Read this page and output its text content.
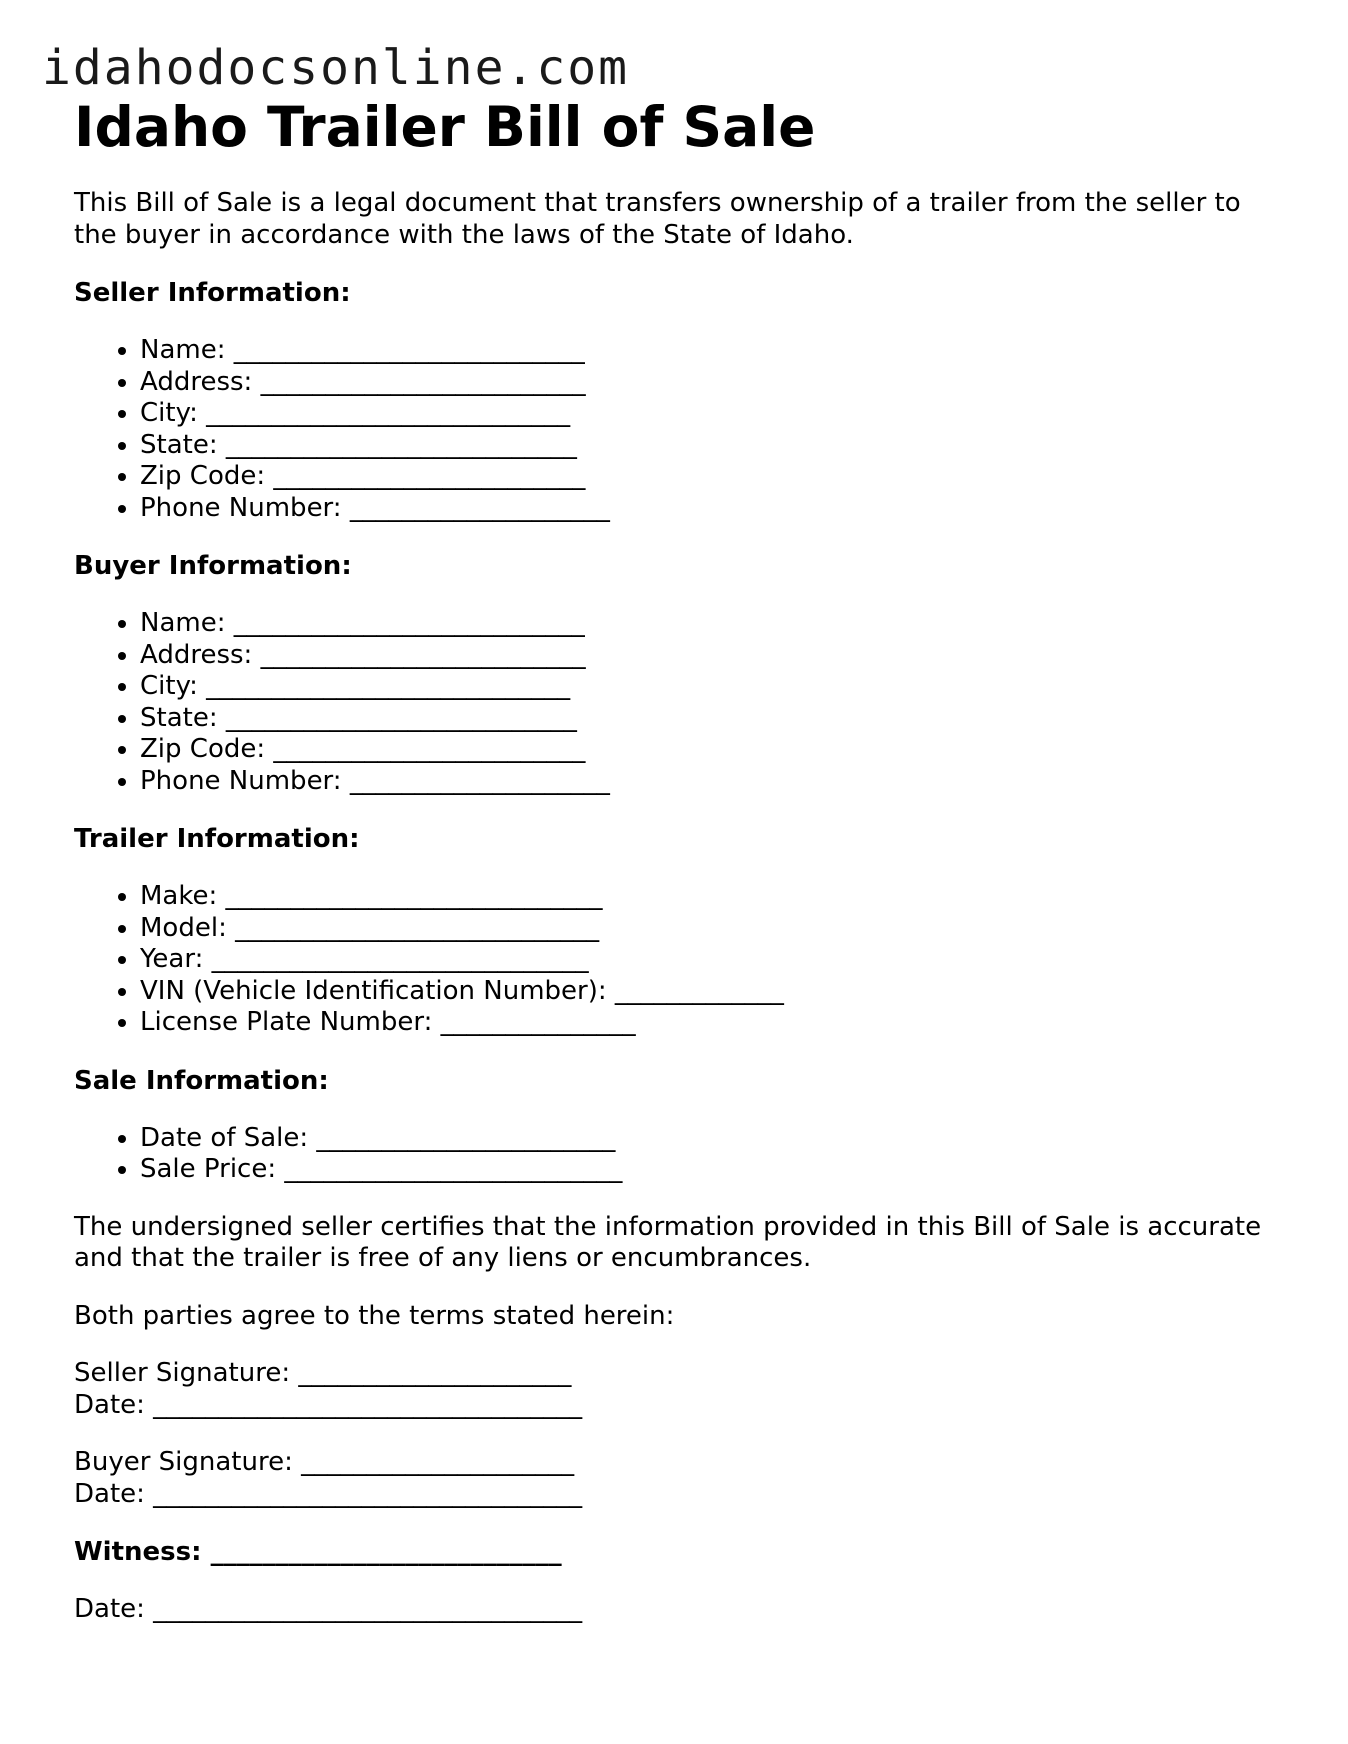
idahodocsonline.com
Idaho Trailer Bill of Sale

This Bill of Sale is a legal document that transfers ownership of a trailer from the seller to the buyer in accordance with the laws of the State of Idaho.

Seller Information:
• Name: ___________________________
• Address: _________________________
• City: ____________________________
• State: ___________________________
• Zip Code: ________________________
• Phone Number: ____________________
Buyer Information:
• Name: ___________________________
• Address: _________________________
• City: ____________________________
• State: ___________________________
• Zip Code: ________________________
• Phone Number: ____________________
Trailer Information:
• Make: _____________________________
• Model: ____________________________
• Year: _____________________________
• VIN (Vehicle Identification Number): _____________
• License Plate Number: _______________
Sale Information:
• Date of Sale: _______________________
• Sale Price: __________________________

The undersigned seller certifies that the information provided in this Bill of Sale is accurate and that the trailer is free of any liens or encumbrances.

Both parties agree to the terms stated herein:

Seller Signature: _____________________
Date: _________________________________
Buyer Signature: _____________________
Date: _________________________________
Witness: ___________________________
Date: _________________________________
